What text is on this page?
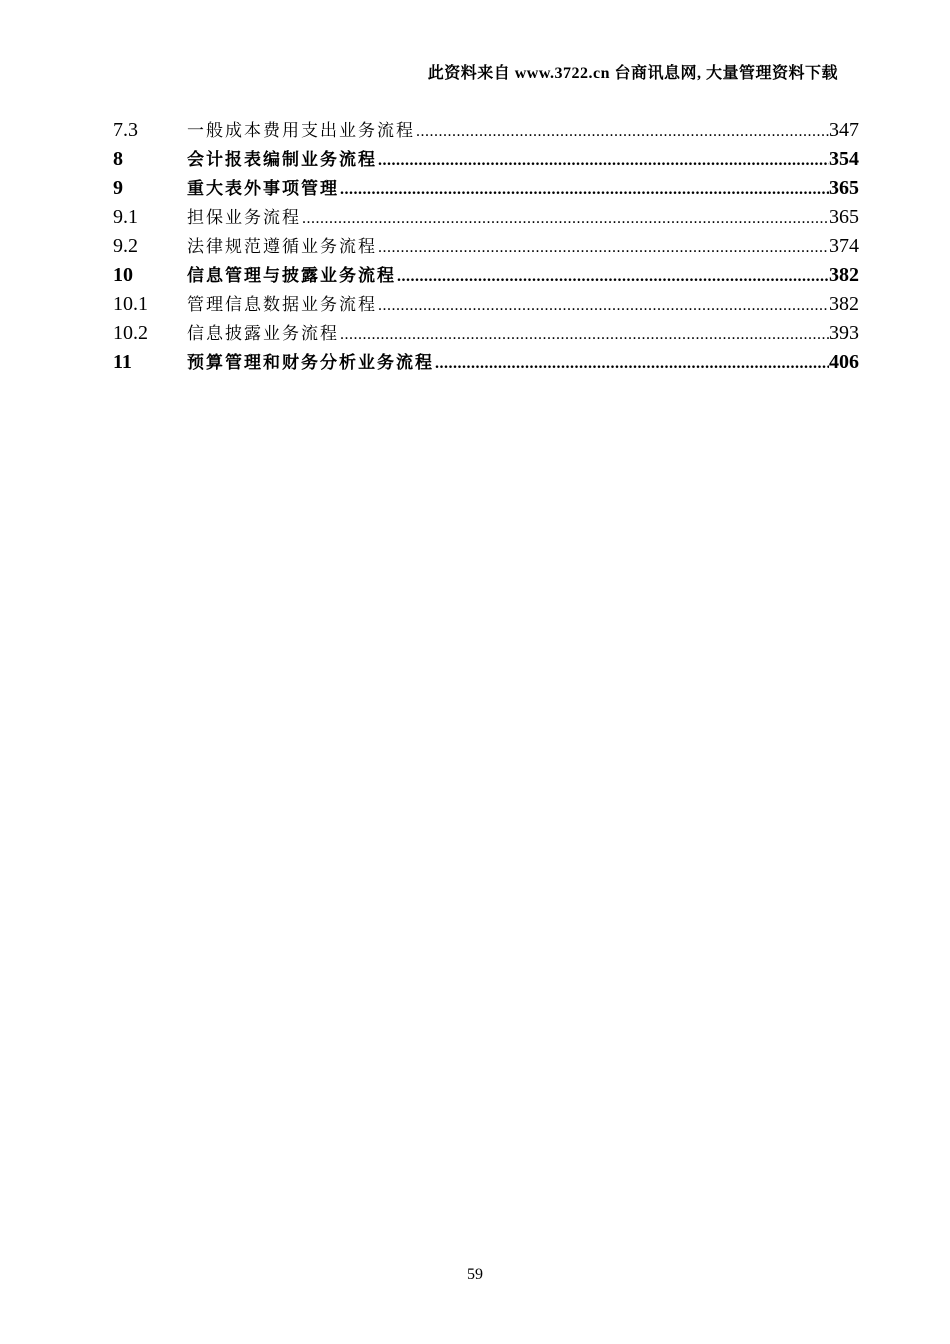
此资料来自 www.3722.cn 台商讯息网, 大量管理资料下载
7.3	一般成本费用支出业务流程 .....	347
8	会计报表编制业务流程 .....	354
9	重大表外事项管理 .....	365
9.1	担保业务流程 .....	365
9.2	法律规范遵循业务流程 .....	374
10	信息管理与披露业务流程 .....	382
10.1	管理信息数据业务流程 .....	382
10.2	信息披露业务流程 .....	393
11	预算管理和财务分析业务流程 .....	406
59
